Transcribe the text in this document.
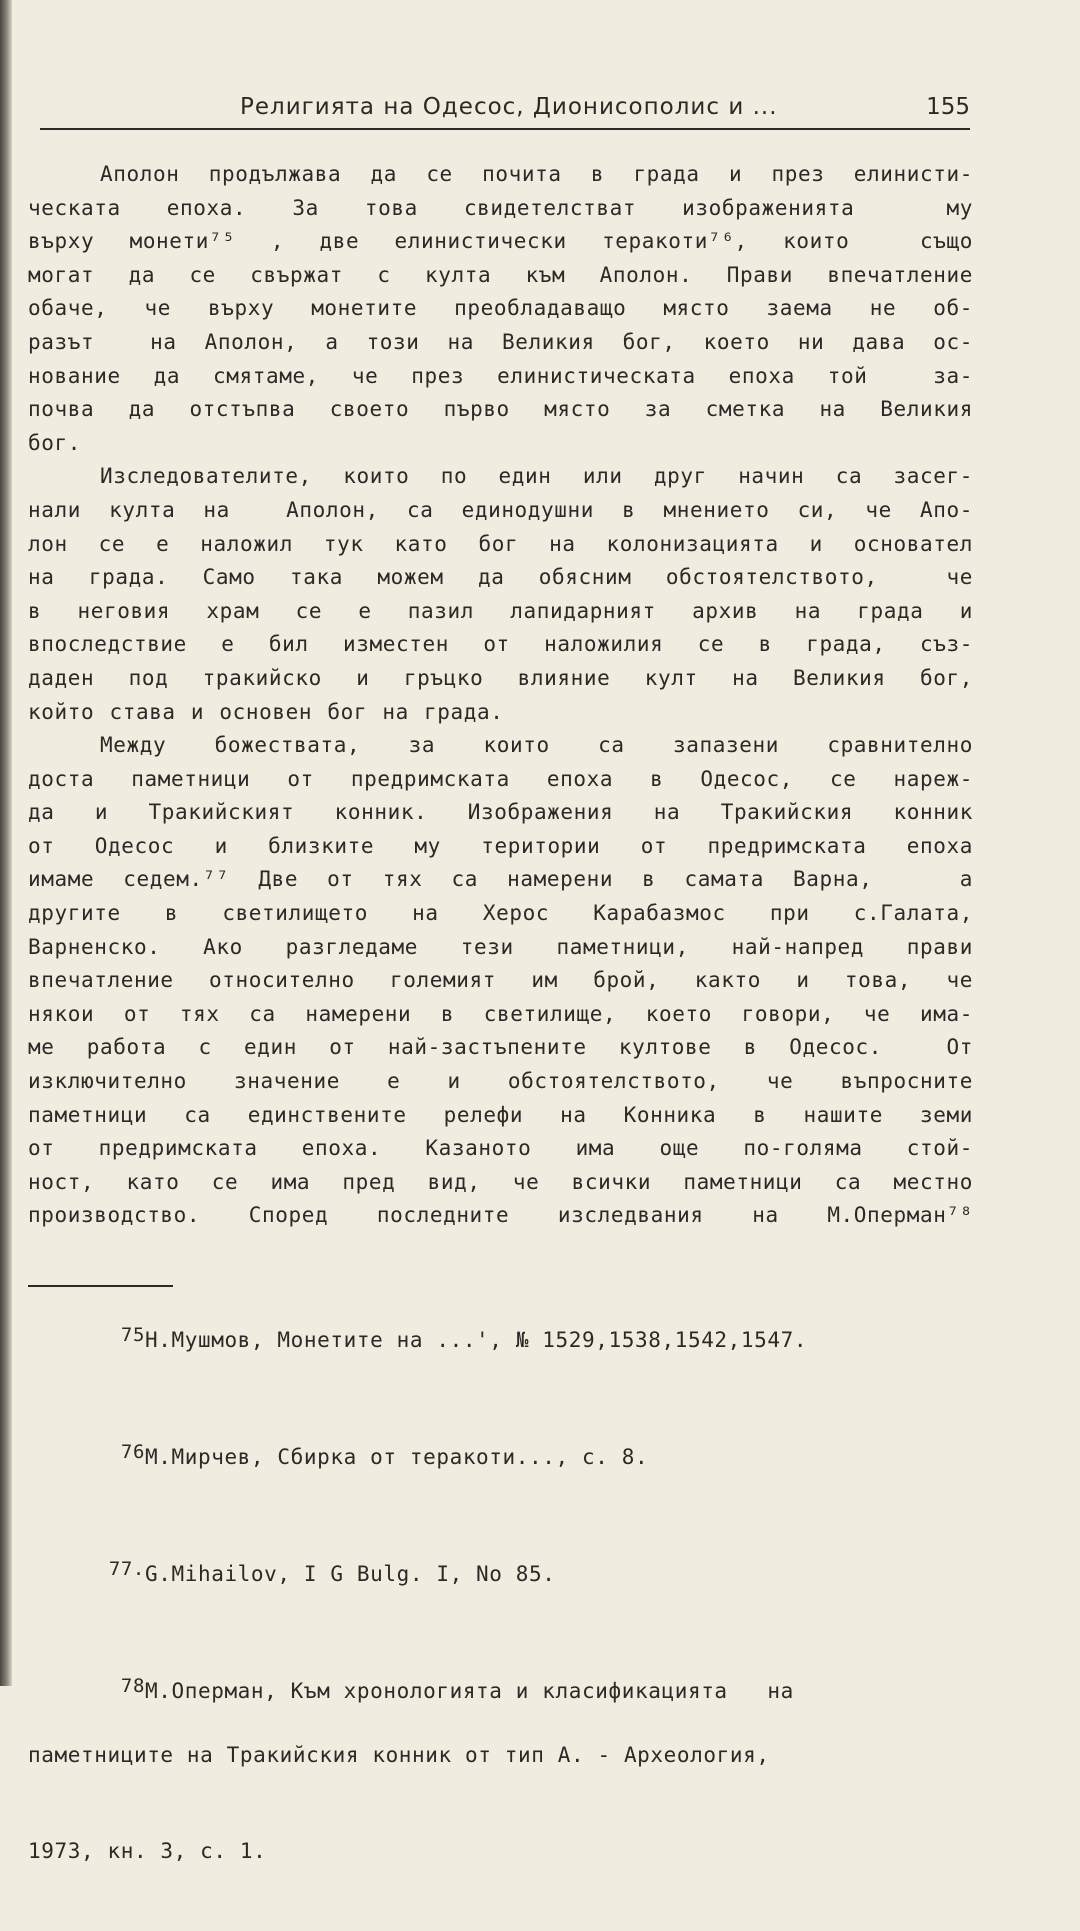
Религията на Одесос, Дионисополис и ...	155
Аполон продължава да се почита в града и през елинисти-
ческата епоха. За това свидетелстват изображенията  му
върху монети⁷⁵ , две елинистически теракоти⁷⁶, които  също
могат да се свържат с култа към Аполон. Прави впечатление
обаче, че върху монетите преобладаващо място заема не об-
разът  на Аполон, а този на Великия бог, което ни дава ос-
нование да смятаме, че през елинистическата епоха той  за-
почва да отстъпва своето първо място за сметка на Великия
бог.
Изследователите, които по един или друг начин са засег-
нали култа на  Аполон, са единодушни в мнението си, че Апо-
лон се е наложил тук като бог на колонизацията и основател
на града. Само така можем да обясним обстоятелството,  че
в неговия храм се е пазил лапидарният архив на града и
впоследствие е бил изместен от наложилия се в града, съз-
даден под тракийско и гръцко влияние култ на Великия бог,
който става и основен бог на града.
Между божествата, за които са запазени сравнително
доста паметници от предримската епоха в Одесос, се нареж-
да и Тракийският конник. Изображения на Тракийския конник
от Одесос и близките му територии от предримската епоха
имаме седем.⁷⁷ Две от тях са намерени в самата Варна,   а
другите в светилището на Херос Карабазмос при с.Галата,
Варненско. Ако разгледаме тези паметници, най-напред прави
впечатление относително големият им брой, както и това, че
някои от тях са намерени в светилище, което говори, че има-
ме работа с един от най-застъпените култове в Одесос.  От
изключително значение е и обстоятелството, че въпросните
паметници са единствените релефи на Конника в нашите земи
от предримската епоха. Казаното има още по-голяма стой-
ност, като се има пред вид, че всички паметници са местно
производство. Според последните изследвания на М.Оперман⁷⁸

75Н.Мушмов, Монетите на ...', № 1529,1538,1542,1547.

76М.Мирчев, Сбирка от теракоти..., с. 8.

77.G.Mihailov, I G Bulg. I, No 85.

78М.Оперман, Към хронологията и класификацията   на

паметниците на Тракийския конник от тип А. - Археология,

1973, кн. 3, с. 1.
